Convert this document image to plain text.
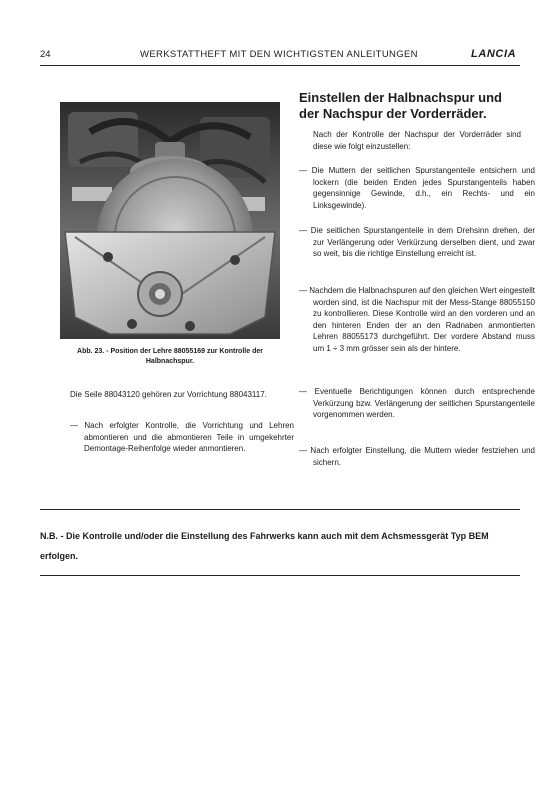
24	WERKSTATTHEFT MIT DEN WICHTIGSTEN ANLEITUNGEN	LANCIA
Abb. 23. - Position der Lehre 88055169 zur Kontrolle der
Halbnachspur.
Die Seile 88043120 gehören zur Vorrichtung 88043117.
— Nach erfolgter Kontrolle, die Vorrichtung und Lehren abmontieren und die abmontieren Teile in umgekehrter Demontage-Reihenfolge wieder anmontieren.
Einstellen der Halbnachspur und der Nachspur der Vorderräder.
Nach der Kontrolle der Nachspur der Vorderräder sind diese wie folgt einzustellen:
— Die Muttern der seitlichen Spurstangenteile entsichern und lockern (die beiden Enden jedes Spurstangenteils haben gegensinnige Gewinde, d.h., ein Rechts- und ein Linksgewinde).
— Die seitlichen Spurstangenteile in dem Drehsinn drehen, der zur Verlängerung oder Verkürzung derselben dient, und zwar so weit, bis die richtige Einstellung erreicht ist.
— Nachdem die Halbnachspuren auf den gleichen Wert eingestellt worden sind, ist die Nachspur mit der Mess-Stange 88055150 zu kontrollieren. Diese Kontrolle wird an den vorderen und an den hinteren Enden der an den Radnaben anmontierten Lehren 88055173 durchgeführt. Der vordere Abstand muss um 1 ÷ 3 mm grösser sein als der hintere.
— Eventuelle Berichtigungen können durch entsprechende Verkürzung bzw. Verlängerung der seitlichen Spurstangenteile vorgenommen werden.
— Nach erfolgter Einstellung, die Muttern wieder festziehen und sichern.
N.B. - Die Kontrolle und/oder die Einstellung des Fahrwerks kann auch mit dem Achsmessgerät Typ BEM erfolgen.
